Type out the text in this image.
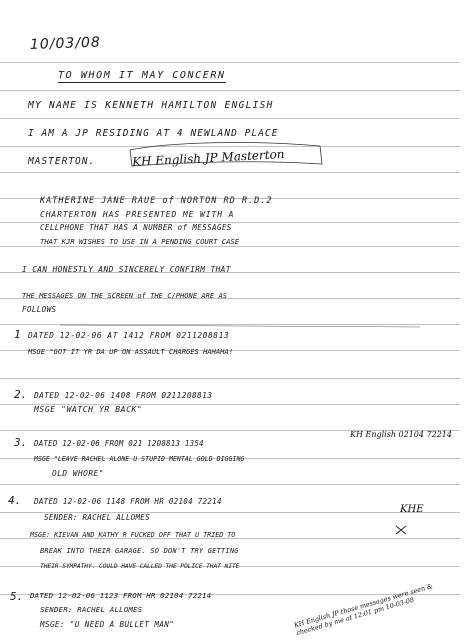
10/03/08
TO WHOM IT MAY CONCERN
MY NAME IS KENNETH HAMILTON ENGLISH
I AM A JP RESIDING AT 4 NEWLAND PLACE
MASTERTON.	KH English JP Masterton
KATHERINE JANE RAUE of NORTON RD R.D.2
CHARTERTON HAS PRESENTED ME WITH A
CELLPHONE THAT HAS A NUMBER of MESSAGES
THAT KJR WISHES TO USE IN A PENDING COURT CASE
I CAN HONESTLY AND SINCERELY CONFIRM THAT
THE MESSAGES ON THE SCREEN of THE C/PHONE ARE AS
FOLLOWS
1 DATED 12-02-06 AT 1412 FROM 0211208813
MSGE "GOT IT YR DA UP ON ASSAULT CHARGES HAHAHA!
2. DATED 12-02-06 1408 FROM 0211208813
MSGE "WATCH YR BACK"
3. DATED 12-02-06 FROM 021 1208813 1354
KH English 02104 72214
MSGE "LEAVE RACHEL ALONE U STUPID MENTAL GOLD DIGGING
OLD WHORE"
4. DATED 12-02-06 1148 FROM HR 02104 72214
SENDER: RACHEL ALLOMES
KHE
MSGE: KIEVAN AND KATHY R FUCKED OFF THAT U TRIED TO
BREAK INTO THEIR GARAGE. SO DON'T TRY GETTING
THEIR SYMPATHY. COULD HAVE CALLED THE POLICE THAT NITE
5. DATED 12-02-06 1123 FROM HR 02104 72214
SENDER: RACHEL ALLOMES
MSGE: "U NEED A BULLET MAN"	KH English JP those messages were seen & checked by me at 12:01 pm 10-03-08
